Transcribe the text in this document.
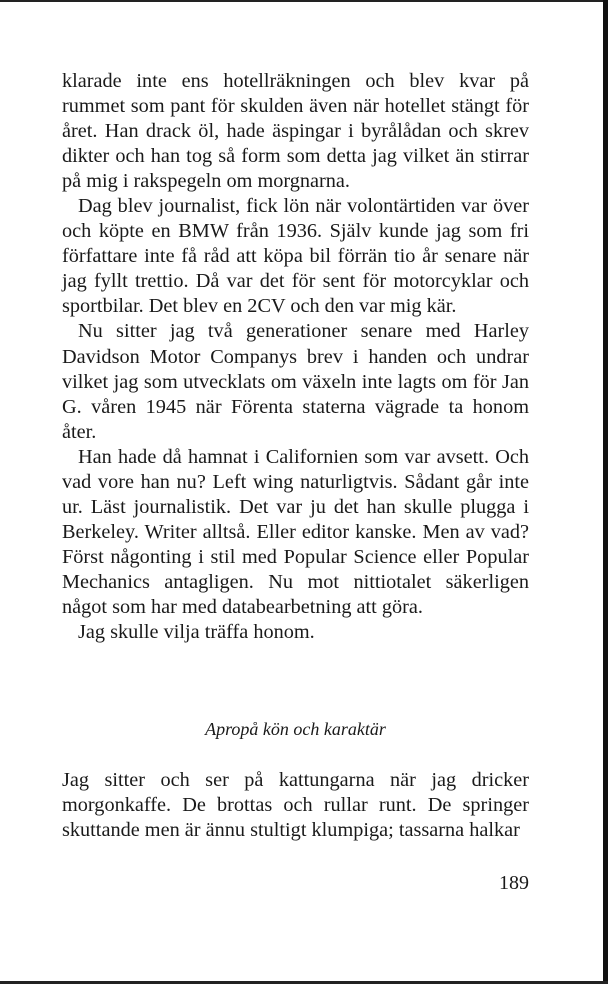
klarade inte ens hotellräkningen och blev kvar på rummet som pant för skulden även när hotellet stängt för året. Han drack öl, hade äspingar i byrålådan och skrev dikter och han tog så form som detta jag vilket än stirrar på mig i rakspegeln om morgnarna.

Dag blev journalist, fick lön när volontärtiden var över och köpte en BMW från 1936. Själv kunde jag som fri författare inte få råd att köpa bil förrän tio år senare när jag fyllt trettio. Då var det för sent för motorcyklar och sportbilar. Det blev en 2CV och den var mig kär.

Nu sitter jag två generationer senare med Harley Davidson Motor Companys brev i handen och undrar vilket jag som utvecklats om växeln inte lagts om för Jan G. våren 1945 när Förenta staterna vägrade ta honom åter.

Han hade då hamnat i Californien som var avsett. Och vad vore han nu? Left wing naturligtvis. Sådant går inte ur. Läst journalistik. Det var ju det han skulle plugga i Berkeley. Writer alltså. Eller editor kanske. Men av vad? Först någonting i stil med Popular Science eller Popular Mechanics antagligen. Nu mot nittiotalet säkerligen något som har med databearbetning att göra.

Jag skulle vilja träffa honom.

Apropå kön och karaktär

Jag sitter och ser på kattungarna när jag dricker morgonkaffe. De brottas och rullar runt. De springer skuttande men är ännu stultigt klumpiga; tassarna halkar

189
